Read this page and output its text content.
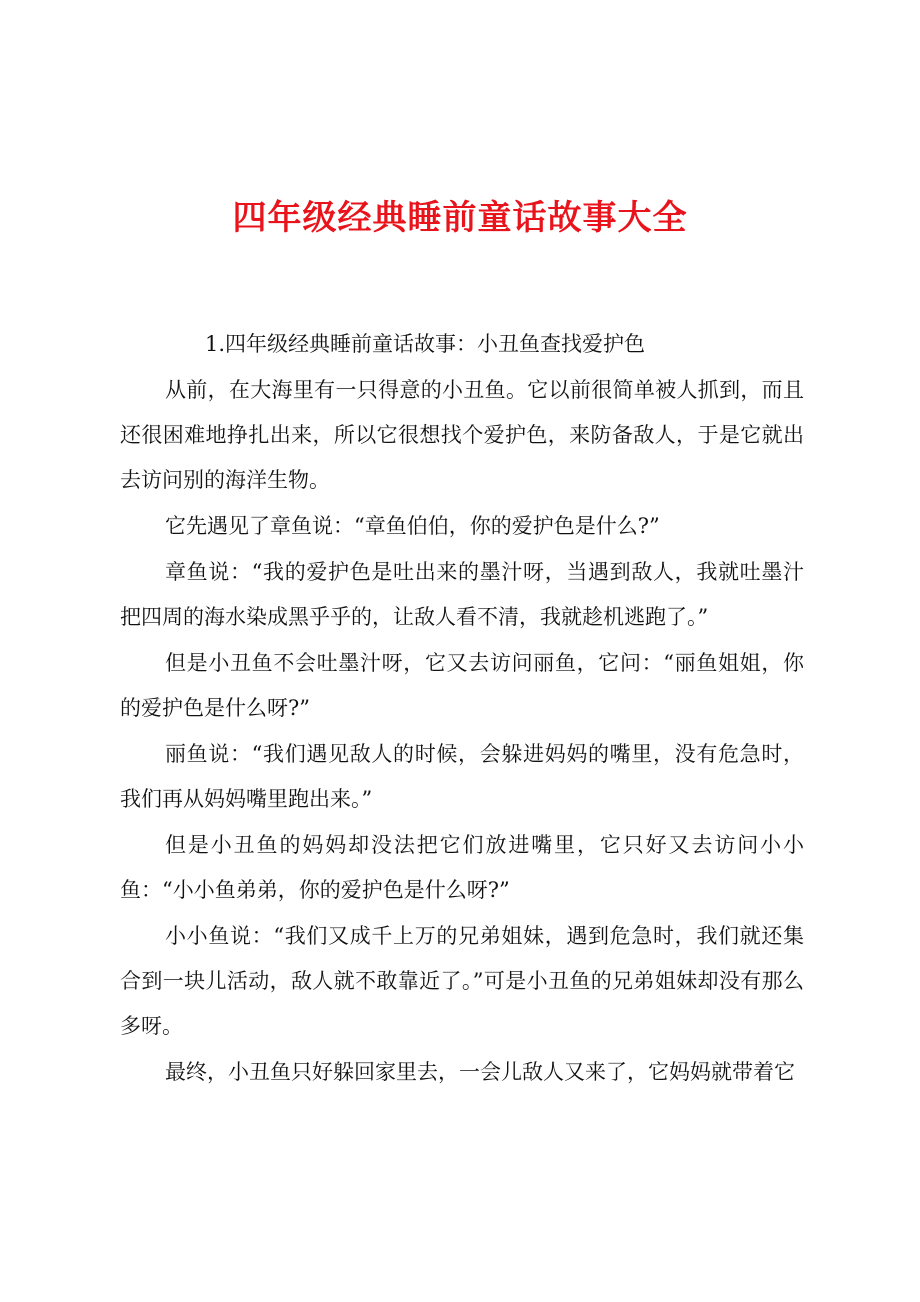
四年级经典睡前童话故事大全

1.四年级经典睡前童话故事：小丑鱼查找爱护色

从前，在大海里有一只得意的小丑鱼。它以前很简单被人抓到，而且还很困难地挣扎出来，所以它很想找个爱护色，来防备敌人，于是它就出去访问别的海洋生物。

它先遇见了章鱼说：“章鱼伯伯，你的爱护色是什么?”

章鱼说：“我的爱护色是吐出来的墨汁呀，当遇到敌人，我就吐墨汁把四周的海水染成黑乎乎的，让敌人看不清，我就趁机逃跑了。”

但是小丑鱼不会吐墨汁呀，它又去访问丽鱼，它问：“丽鱼姐姐，你的爱护色是什么呀?”

丽鱼说：“我们遇见敌人的时候，会躲进妈妈的嘴里，没有危急时，我们再从妈妈嘴里跑出来。”

但是小丑鱼的妈妈却没法把它们放进嘴里，它只好又去访问小小鱼：“小小鱼弟弟，你的爱护色是什么呀?”

小小鱼说：“我们又成千上万的兄弟姐妹，遇到危急时，我们就还集合到一块儿活动，敌人就不敢靠近了。”可是小丑鱼的兄弟姐妹却没有那么多呀。

最终，小丑鱼只好躲回家里去，一会儿敌人又来了，它妈妈就带着它
